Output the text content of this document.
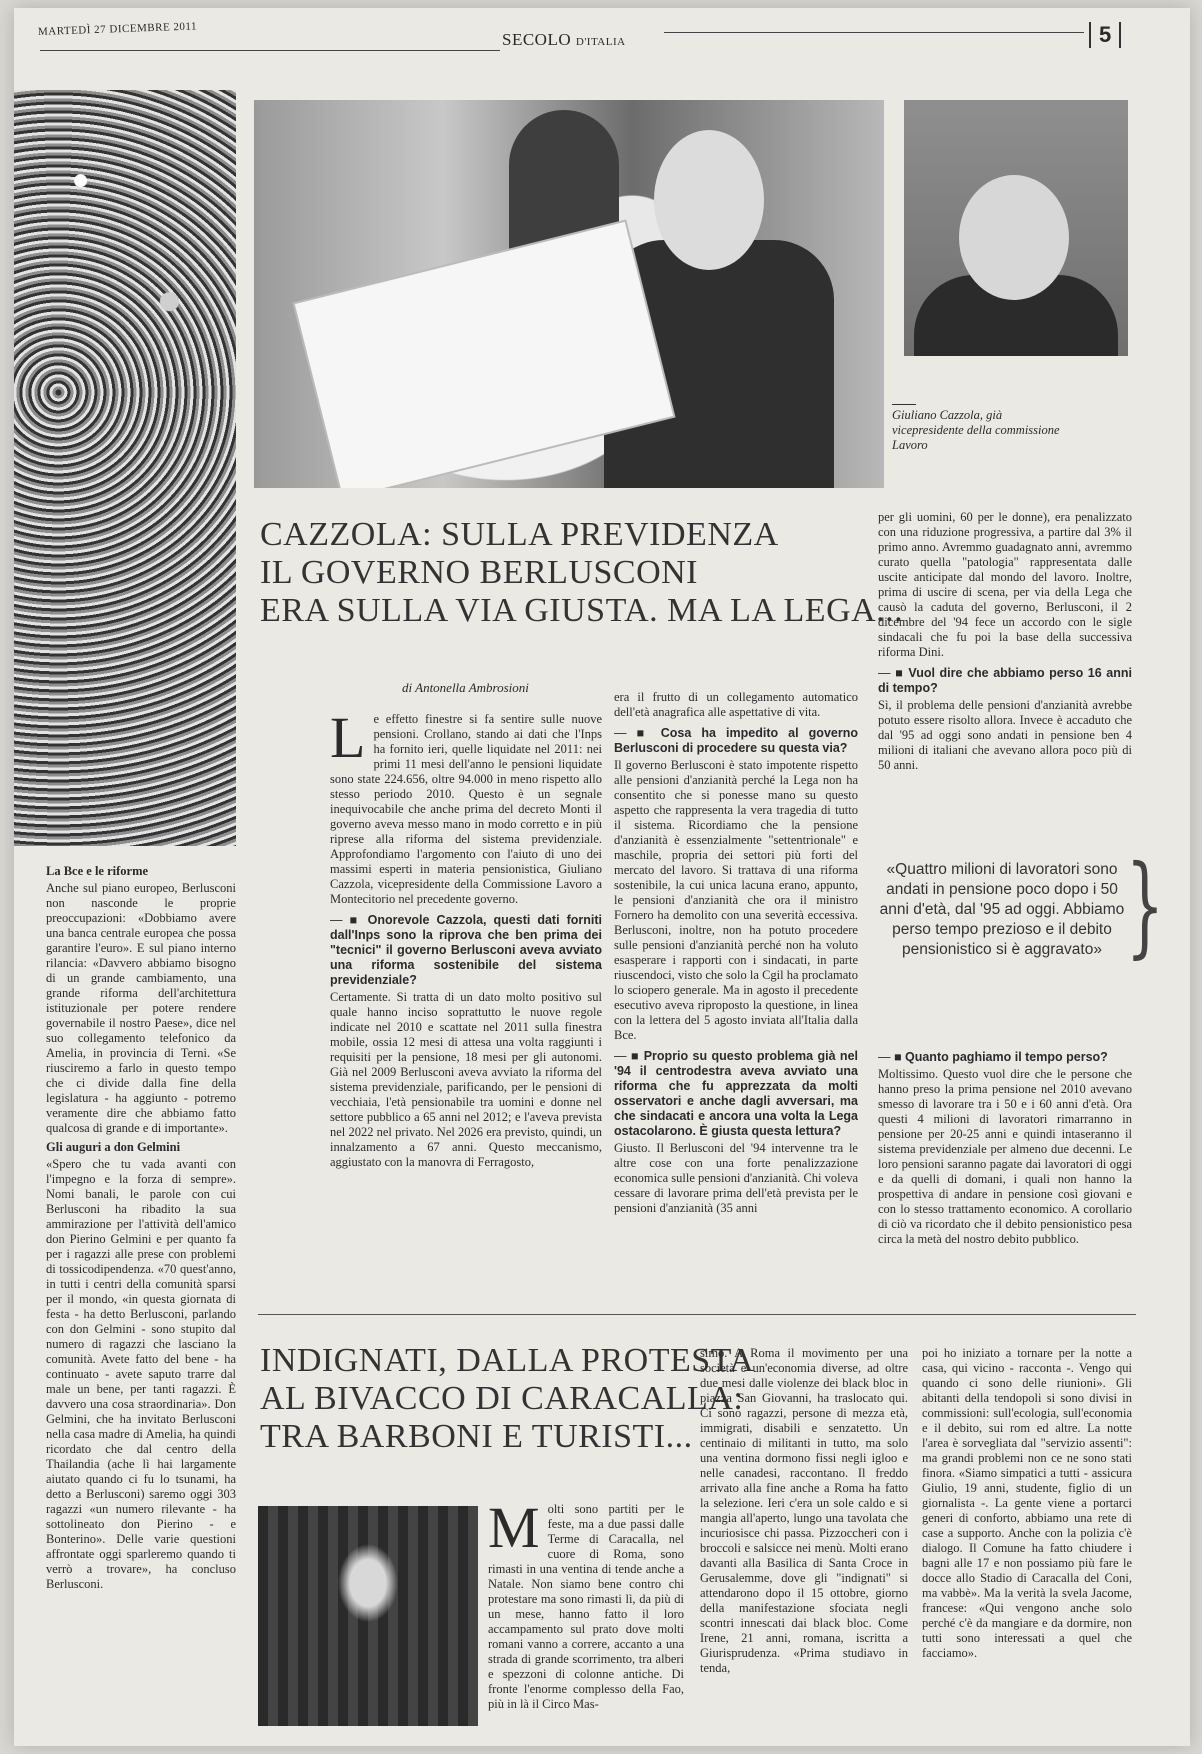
MARTEDÌ 27 DICEMBRE 2011
SECOLO D'ITALIA	5
Giuliano Cazzola, già vicepresidente della commissione Lavoro
CAZZOLA: SULLA PREVIDENZA
IL GOVERNO BERLUSCONI
ERA SULLA VIA GIUSTA. MA LA LEGA...
di Antonella Ambrosioni
La Bce e le riforme

Anche sul piano europeo, Berlusconi non nasconde le proprie preoccupazioni: «Dobbiamo avere una banca centrale europea che possa garantire l'euro». E sul piano interno rilancia: «Davvero abbiamo bisogno di un grande cambiamento, una grande riforma dell'architettura istituzionale per potere rendere governabile il nostro Paese», dice nel suo collegamento telefonico da Amelia, in provincia di Terni. «Se riusciremo a farlo in questo tempo che ci divide dalla fine della legislatura - ha aggiunto - potremo veramente dire che abbiamo fatto qualcosa di grande e di importante».

Gli auguri a don Gelmini

«Spero che tu vada avanti con l'impegno e la forza di sempre». Nomi banali, le parole con cui Berlusconi ha ribadito la sua ammirazione per l'attività dell'amico don Pierino Gelmini e per quanto fa per i ragazzi alle prese con problemi di tossicodipendenza. «70 quest'anno, in tutti i centri della comunità sparsi per il mondo, «in questa giornata di festa - ha detto Berlusconi, parlando con don Gelmini - sono stupito dal numero di ragazzi che lasciano la comunità. Avete fatto del bene - ha continuato - avete saputo trarre dal male un bene, per tanti ragazzi. È davvero una cosa straordinaria». Don Gelmini, che ha invitato Berlusconi nella casa madre di Amelia, ha quindi ricordato che dal centro della Thailandia (ache lì hai largamente aiutato quando ci fu lo tsunami, ha detto a Berlusconi) saremo oggi 303 ragazzi «un numero rilevante - ha sottolineato don Pierino - e Bonterino». Delle varie questioni affrontate oggi sparleremo quando ti verrò a trovare», ha concluso Berlusconi.

L e effetto finestre si fa sentire sulle nuove pensioni. Crollano, stando ai dati che l'Inps ha fornito ieri, quelle liquidate nel 2011: nei primi 11 mesi dell'anno le pensioni liquidate sono state 224.656, oltre 94.000 in meno rispetto allo stesso periodo 2010. Questo è un segnale inequivocabile che anche prima del decreto Monti il governo aveva messo mano in modo corretto e in più riprese alla riforma del sistema previdenziale. Approfondiamo l'argomento con l'aiuto di uno dei massimi esperti in materia pensionistica, Giuliano Cazzola, vicepresidente della Commissione Lavoro a Montecitorio nel precedente governo.

— ■ Onorevole Cazzola, questi dati forniti dall'Inps sono la riprova che ben prima dei "tecnici" il governo Berlusconi aveva avviato una riforma sostenibile del sistema previdenziale?

Certamente. Si tratta di un dato molto positivo sul quale hanno inciso soprattutto le nuove regole indicate nel 2010 e scattate nel 2011 sulla finestra mobile, ossia 12 mesi di attesa una volta raggiunti i requisiti per la pensione, 18 mesi per gli autonomi. Già nel 2009 Berlusconi aveva avviato la riforma del sistema previdenziale, parificando, per le pensioni di vecchiaia, l'età pensionabile tra uomini e donne nel settore pubblico a 65 anni nel 2012; e l'aveva prevista nel 2022 nel privato. Nel 2026 era previsto, quindi, un innalzamento a 67 anni. Questo meccanismo, aggiustato con la manovra di Ferragosto,

era il frutto di un collegamento automatico dell'età anagrafica alle aspettative di vita.

— ■ Cosa ha impedito al governo Berlusconi di procedere su questa via?

Il governo Berlusconi è stato impotente rispetto alle pensioni d'anzianità perché la Lega non ha consentito che si ponesse mano su questo aspetto che rappresenta la vera tragedia di tutto il sistema. Ricordiamo che la pensione d'anzianità è essenzialmente "settentrionale" e maschile, propria dei settori più forti del mercato del lavoro. Si trattava di una riforma sostenibile, la cui unica lacuna erano, appunto, le pensioni d'anzianità che ora il ministro Fornero ha demolito con una severità eccessiva. Berlusconi, inoltre, non ha potuto procedere sulle pensioni d'anzianità perché non ha voluto esasperare i rapporti con i sindacati, in parte riuscendoci, visto che solo la Cgil ha proclamato lo sciopero generale. Ma in agosto il precedente esecutivo aveva riproposto la questione, in linea con la lettera del 5 agosto inviata all'Italia dalla Bce.

— ■ Proprio su questo problema già nel '94 il centrodestra aveva avviato una riforma che fu apprezzata da molti osservatori e anche dagli avversari, ma che sindacati e ancora una volta la Lega ostacolarono. È giusta questa lettura?

Giusto. Il Berlusconi del '94 intervenne tra le altre cose con una forte penalizzazione economica sulle pensioni d'anzianità. Chi voleva cessare di lavorare prima dell'età prevista per le pensioni d'anzianità (35 anni

per gli uomini, 60 per le donne), era penalizzato con una riduzione progressiva, a partire dal 3% il primo anno. Avremmo guadagnato anni, avremmo curato quella "patologia" rappresentata dalle uscite anticipate dal mondo del lavoro. Inoltre, prima di uscire di scena, per via della Lega che causò la caduta del governo, Berlusconi, il 2 dicembre del '94 fece un accordo con le sigle sindacali che fu poi la base della successiva riforma Dini.

— ■ Vuol dire che abbiamo perso 16 anni di tempo?

Sì, il problema delle pensioni d'anzianità avrebbe potuto essere risolto allora. Invece è accaduto che dal '95 ad oggi sono andati in pensione ben 4 milioni di italiani che avevano allora poco più di 50 anni.

«Quattro milioni di lavoratori sono andati in pensione poco dopo i 50 anni d'età, dal '95 ad oggi. Abbiamo perso tempo prezioso e il debito pensionistico si è aggravato» }
— ■ Quanto paghiamo il tempo perso?

Moltissimo. Questo vuol dire che le persone che hanno preso la prima pensione nel 2010 avevano smesso di lavorare tra i 50 e i 60 anni d'età. Ora questi 4 milioni di lavoratori rimarranno in pensione per 20-25 anni e quindi intaseranno il sistema previdenziale per almeno due decenni. Le loro pensioni saranno pagate dai lavoratori di oggi e da quelli di domani, i quali non hanno la prospettiva di andare in pensione così giovani e con lo stesso trattamento economico. A corollario di ciò va ricordato che il debito pensionistico pesa circa la metà del nostro debito pubblico.

INDIGNATI, DALLA PROTESTA
AL BIVACCO DI CARACALLA:
TRA BARBONI E TURISTI...
M olti sono partiti per le feste, ma a due passi dalle Terme di Caracalla, nel cuore di Roma, sono rimasti in una ventina di tende anche a Natale. Non siamo bene contro chi protestare ma sono rimasti lì, da più di un mese, hanno fatto il loro accampamento sul prato dove molti romani vanno a correre, accanto a una strada di grande scorrimento, tra alberi e spezzoni di colonne antiche. Di fronte l'enorme complesso della Fao, più in là il Circo Mas-

simo. A Roma il movimento per una società e un'economia diverse, ad oltre due mesi dalle violenze dei black bloc in piazza San Giovanni, ha traslocato qui. Ci sono ragazzi, persone di mezza età, immigrati, disabili e senzatetto. Un centinaio di militanti in tutto, ma solo una ventina dormono fissi negli igloo e nelle canadesi, raccontano. Il freddo arrivato alla fine anche a Roma ha fatto la selezione. Ieri c'era un sole caldo e si mangia all'aperto, lungo una tavolata che incuriosisce chi passa. Pizzoccheri con i broccoli e salsicce nei menù. Molti erano davanti alla Basilica di Santa Croce in Gerusalemme, dove gli "indignati" si attendarono dopo il 15 ottobre, giorno della manifestazione sfociata negli scontri innescati dai black bloc. Come Irene, 21 anni, romana, iscritta a Giurisprudenza. «Prima studiavo in tenda,

poi ho iniziato a tornare per la notte a casa, qui vicino - racconta -. Vengo qui quando ci sono delle riunioni». Gli abitanti della tendopoli si sono divisi in commissioni: sull'ecologia, sull'economia e il debito, sui rom ed altre. La notte l'area è sorvegliata dal "servizio assenti": ma grandi problemi non ce ne sono stati finora. «Siamo simpatici a tutti - assicura Giulio, 19 anni, studente, figlio di un giornalista -. La gente viene a portarci generi di conforto, abbiamo una rete di case a supporto. Anche con la polizia c'è dialogo. Il Comune ha fatto chiudere i bagni alle 17 e non possiamo più fare le docce allo Stadio di Caracalla del Coni, ma vabbè». Ma la verità la svela Jacome, francese: «Qui vengono anche solo perché c'è da mangiare e da dormire, non tutti sono interessati a quel che facciamo».
